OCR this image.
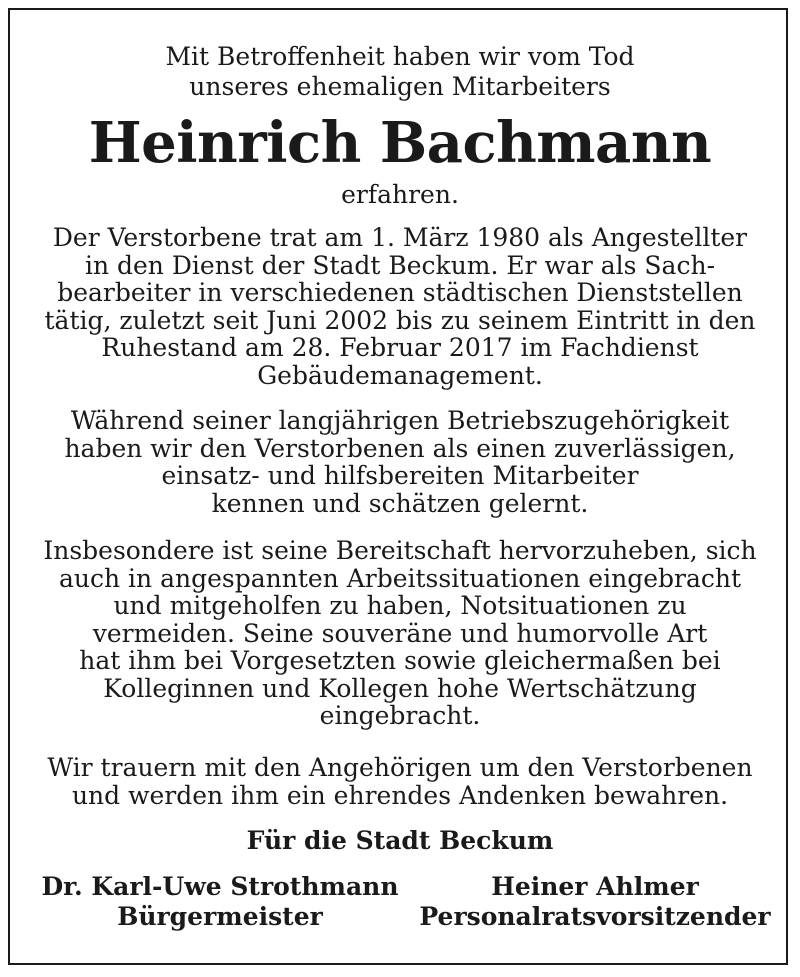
Mit Betroffenheit haben wir vom Tod
unseres ehemaligen Mitarbeiters
Heinrich Bachmann
erfahren.
Der Verstorbene trat am 1. März 1980 als Angestellter
in den Dienst der Stadt Beckum. Er war als Sach-
bearbeiter in verschiedenen städtischen Dienststellen
tätig, zuletzt seit Juni 2002 bis zu seinem Eintritt in den
Ruhestand am 28. Februar 2017 im Fachdienst
Gebäudemanagement.
Während seiner langjährigen Betriebszugehörigkeit
haben wir den Verstorbenen als einen zuverlässigen,
einsatz- und hilfsbereiten Mitarbeiter
kennen und schätzen gelernt.
Insbesondere ist seine Bereitschaft hervorzuheben, sich
auch in angespannten Arbeitssituationen eingebracht
und mitgeholfen zu haben, Notsituationen zu
vermeiden. Seine souveräne und humorvolle Art
hat ihm bei Vorgesetzten sowie gleichermaßen bei
Kolleginnen und Kollegen hohe Wertschätzung
eingebracht.
Wir trauern mit den Angehörigen um den Verstorbenen
und werden ihm ein ehrendes Andenken bewahren.
Für die Stadt Beckum
Dr. Karl-Uwe Strothmann
Bürgermeister
Heiner Ahlmer
Personalratsvorsitzender
